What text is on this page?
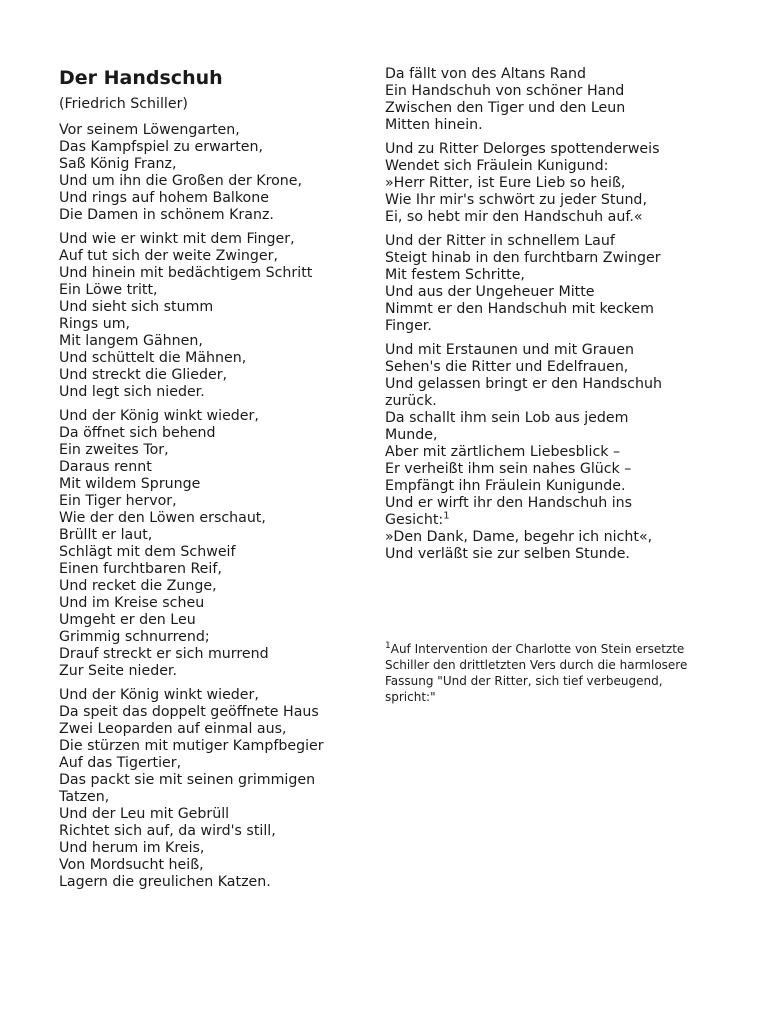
Der Handschuh
(Friedrich Schiller)
Vor seinem Löwengarten,
Das Kampfspiel zu erwarten,
Saß König Franz,
Und um ihn die Großen der Krone,
Und rings auf hohem Balkone
Die Damen in schönem Kranz.
Und wie er winkt mit dem Finger,
Auf tut sich der weite Zwinger,
Und hinein mit bedächtigem Schritt
Ein Löwe tritt,
Und sieht sich stumm
Rings um,
Mit langem Gähnen,
Und schüttelt die Mähnen,
Und streckt die Glieder,
Und legt sich nieder.
Und der König winkt wieder,
Da öffnet sich behend
Ein zweites Tor,
Daraus rennt
Mit wildem Sprunge
Ein Tiger hervor,
Wie der den Löwen erschaut,
Brüllt er laut,
Schlägt mit dem Schweif
Einen furchtbaren Reif,
Und recket die Zunge,
Und im Kreise scheu
Umgeht er den Leu
Grimmig schnurrend;
Drauf streckt er sich murrend
Zur Seite nieder.
Und der König winkt wieder,
Da speit das doppelt geöffnete Haus
Zwei Leoparden auf einmal aus,
Die stürzen mit mutiger Kampfbegier
Auf das Tigertier,
Das packt sie mit seinen grimmigen
Tatzen,
Und der Leu mit Gebrüll
Richtet sich auf, da wird's still,
Und herum im Kreis,
Von Mordsucht heiß,
Lagern die greulichen Katzen.
Da fällt von des Altans Rand
Ein Handschuh von schöner Hand
Zwischen den Tiger und den Leun
Mitten hinein.
Und zu Ritter Delorges spottenderweis
Wendet sich Fräulein Kunigund:
»Herr Ritter, ist Eure Lieb so heiß,
Wie Ihr mir's schwört zu jeder Stund,
Ei, so hebt mir den Handschuh auf.«
Und der Ritter in schnellem Lauf
Steigt hinab in den furchtbarn Zwinger
Mit festem Schritte,
Und aus der Ungeheuer Mitte
Nimmt er den Handschuh mit keckem
Finger.
Und mit Erstaunen und mit Grauen
Sehen's die Ritter und Edelfrauen,
Und gelassen bringt er den Handschuh
zurück.
Da schallt ihm sein Lob aus jedem
Munde,
Aber mit zärtlichem Liebesblick –
Er verheißt ihm sein nahes Glück –
Empfängt ihn Fräulein Kunigunde.
Und er wirft ihr den Handschuh ins
Gesicht:$^1$
»Den Dank, Dame, begehr ich nicht«,
Und verläßt sie zur selben Stunde.
$^1$Auf Intervention der Charlotte von Stein ersetzte Schiller den drittletzten Vers durch die harmlosere Fassung "Und der Ritter, sich tief verbeugend, spricht:"
